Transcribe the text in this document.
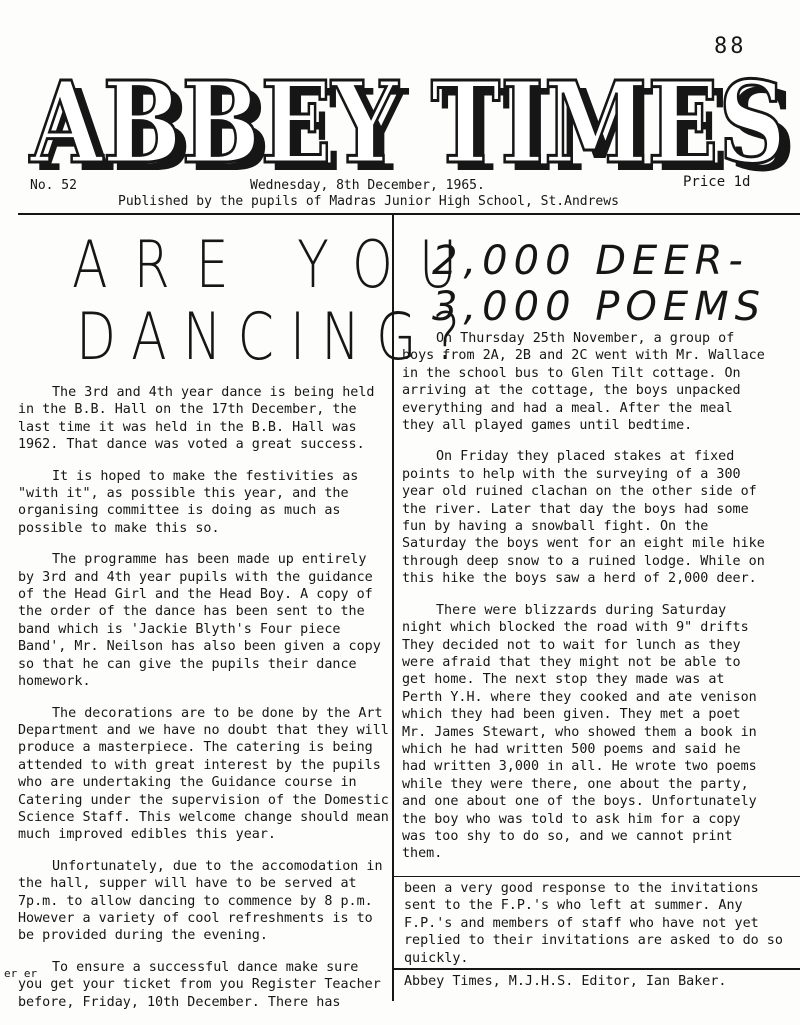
88
ABBEY TIMES
ABBEY TIMES
No. 52	Wednesday, 8th December, 1965.	Price 1d
Published by the pupils of Madras Junior High School, St.Andrews
ARE YOU
DANCING?

The 3rd and 4th year dance is being held in the B.B. Hall on the 17th December, the last time it was held in the B.B. Hall was 1962. That dance was voted a great success.

It is hoped to make the festivities as "with it", as possible this year, and the organising committee is doing as much as possible to make this so.

The programme has been made up entirely by 3rd and 4th year pupils with the guidance of the Head Girl and the Head Boy. A copy of the order of the dance has been sent to the band which is 'Jackie Blyth's Four piece Band', Mr. Neilson has also been given a copy so that he can give the pupils their dance homework.

The decorations are to be done by the Art Department and we have no doubt that they will produce a masterpiece. The catering is being attended to with great interest by the pupils who are undertaking the Guidance course in Catering under the supervision of the Domestic Science Staff. This welcome change should mean much improved edibles this year.

Unfortunately, due to the accomodation in the hall, supper will have to be served at 7p.m. to allow dancing to commence by 8 p.m. However a variety of cool refreshments is to be provided during the evening.

To ensure a successful dance make sure you get your ticket from you Register Teacher before, Friday, 10th December. There has

2,000 DEER-
3,000 POEMS

On Thursday 25th November, a group of boys from 2A, 2B and 2C went with Mr. Wallace in the school bus to Glen Tilt cottage. On arriving at the cottage, the boys unpacked everything and had a meal. After the meal they all played games until bedtime.

On Friday they placed stakes at fixed points to help with the surveying of a 300 year old ruined clachan on the other side of the river. Later that day the boys had some fun by having a snowball fight. On the Saturday the boys went for an eight mile hike through deep snow to a ruined lodge. While on this hike the boys saw a herd of 2,000 deer.

There were blizzards during Saturday night which blocked the road with 9" drifts They decided not to wait for lunch as they were afraid that they might not be able to get home. The next stop they made was at Perth Y.H. where they cooked and ate venison which they had been given. They met a poet Mr. James Stewart, who showed them a book in which he had written 500 poems and said he had written 3,000 in all. He wrote two poems while they were there, one about the party, and one about one of the boys. Unfortunately the boy who was told to ask him for a copy was too shy to do so, and we cannot print them.

been a very good response to the invitations sent to the F.P.'s who left at summer. Any F.P.'s and members of staff who have not yet replied to their invitations are asked to do so quickly.
Abbey Times, M.J.H.S. Editor, Ian Baker.
er er
